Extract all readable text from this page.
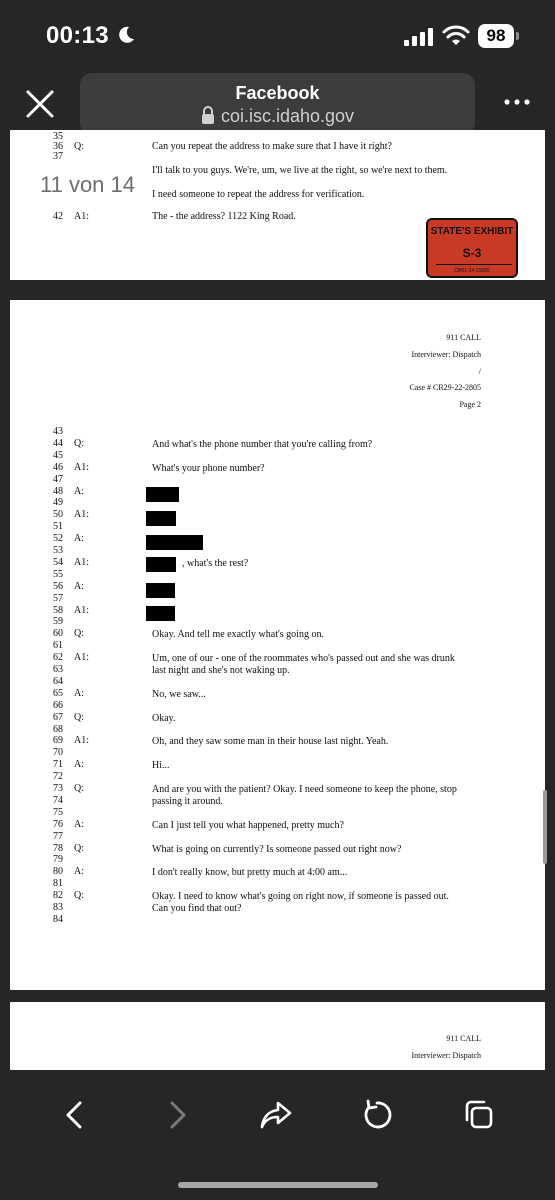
00:13	98
Facebook
coi.isc.idaho.gov
35
36 Q:	Can you repeat the address to make sure that I have it right?
37
I'll talk to you guys. We're, um, we live at the right, so we're next to them.
I need someone to repeat the address for verification.
42 A1:	The - the address? 1122 King Road.
11 von 14
STATE'S EXHIBIT
S-3
CR01-24-31665
911 CALL
Interviewer: Dispatch
/
Case # CR29-22-2805
Page 2
43
44 Q:	And what's the phone number that you're calling from?
45
46 A1:	What's your phone number?
47
48 A:
49
50 A1:
51
52 A:
53
54 A1:	, what's the rest?
55
56 A:
57
58 A1:
59
60 Q:	Okay. And tell me exactly what's going on.
61
62 A1:	Um, one of our - one of the roommates who's passed out and she was drunk
63	last night and she's not waking up.
64
65 A:	No, we saw...
66
67 Q:	Okay.
68
69 A1:	Oh, and they saw some man in their house last night. Yeah.
70
71 A:	Hi...
72
73 Q:	And are you with the patient? Okay. I need someone to keep the phone, stop
74	passing it around.
75
76 A:	Can I just tell you what happened, pretty much?
77
78 Q:	What is going on currently? Is someone passed out right now?
79
80 A:	I don't really know, but pretty much at 4:00 am...
81
82 Q:	Okay. I need to know what's going on right now, if someone is passed out.
83	Can you find that out?
84
911 CALL
Interviewer: Dispatch
